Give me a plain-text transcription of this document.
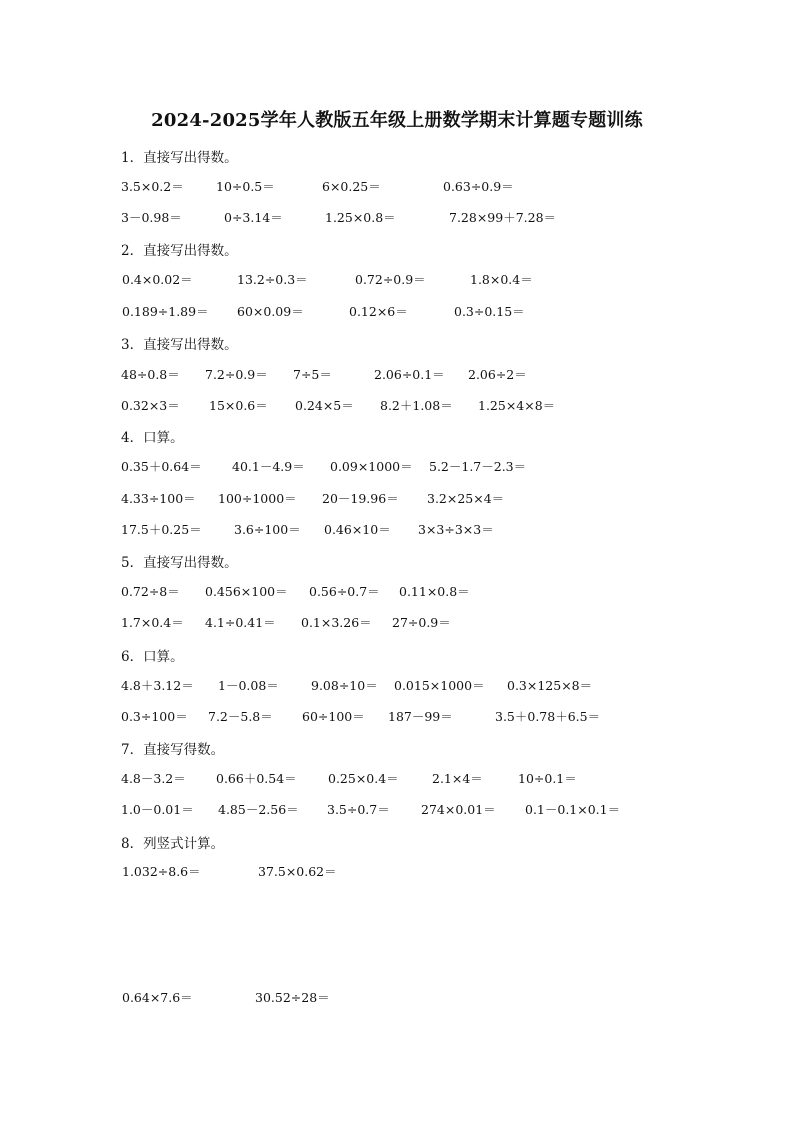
2024-2025学年人教版五年级上册数学期末计算题专题训练
1．直接写出得数。
3.5×0.2＝	10÷0.5＝	6×0.25＝	0.63÷0.9＝
3－0.98＝	0÷3.14＝	1.25×0.8＝	7.28×99＋7.28＝
2．直接写出得数。
0.4×0.02＝	13.2÷0.3＝	0.72÷0.9＝	1.8×0.4＝
0.189÷1.89＝ 60×0.09＝	0.12×6＝	0.3÷0.15＝
3．直接写出得数。
48÷0.8＝ 7.2÷0.9＝ 7÷5＝	2.06÷0.1＝ 2.06÷2＝
0.32×3＝ 15×0.6＝ 0.24×5＝ 8.2＋1.08＝ 1.25×4×8＝
4．口算。
0.35＋0.64＝ 40.1－4.9＝ 0.09×1000＝ 5.2－1.7－2.3＝
4.33÷100＝ 100÷1000＝ 20－19.96＝ 3.2×25×4＝
17.5＋0.25＝	3.6÷100＝ 0.46×10＝ 3×3÷3×3＝
5．直接写出得数。
0.72÷8＝ 0.456×100＝ 0.56÷0.7＝ 0.11×0.8＝
1.7×0.4＝ 4.1÷0.41＝ 0.1×3.26＝ 27÷0.9＝
6．口算。
4.8＋3.12＝ 1－0.08＝	9.08÷10＝ 0.015×1000＝ 0.3×125×8＝
0.3÷100＝ 7.2－5.8＝ 60÷100＝ 187－99＝	3.5＋0.78＋6.5＝
7．直接写得数。
4.8－3.2＝ 0.66＋0.54＝	0.25×0.4＝	2.1×4＝	10÷0.1＝
1.0－0.01＝ 4.85－2.56＝ 3.5÷0.7＝	274×0.01＝ 0.1－0.1×0.1＝
8．列竖式计算。
1.032÷8.6＝	37.5×0.62＝
0.64×7.6＝	30.52÷28＝
